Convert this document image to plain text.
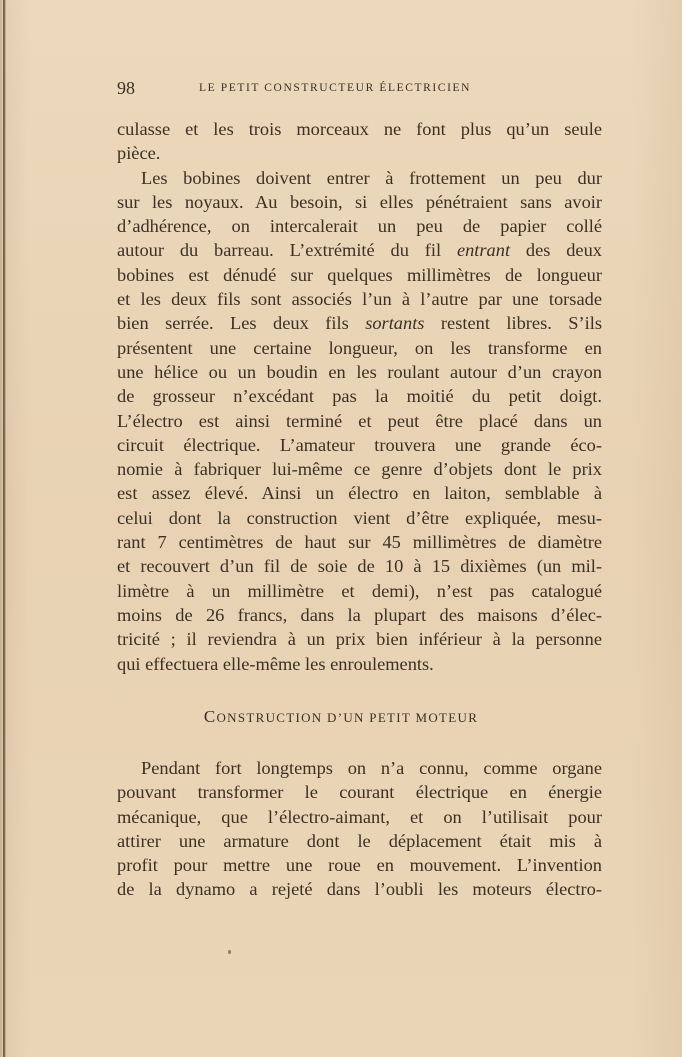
98	LE PETIT CONSTRUCTEUR ÉLECTRICIEN
culasse et les trois morceaux ne font plus qu’un seule
pièce.
Les bobines doivent entrer à frottement un peu dur
sur les noyaux. Au besoin, si elles pénétraient sans avoir
d’adhérence, on intercalerait un peu de papier collé
autour du barreau. L’extrémité du fil entrant des deux
bobines est dénudé sur quelques millimètres de longueur
et les deux fils sont associés l’un à l’autre par une torsade
bien serrée. Les deux fils sortants restent libres. S’ils
présentent une certaine longueur, on les transforme en
une hélice ou un boudin en les roulant autour d’un crayon
de grosseur n’excédant pas la moitié du petit doigt.
L’électro est ainsi terminé et peut être placé dans un
circuit électrique. L’amateur trouvera une grande éco-
nomie à fabriquer lui-même ce genre d’objets dont le prix
est assez élevé. Ainsi un électro en laiton, semblable à
celui dont la construction vient d’être expliquée, mesu-
rant 7 centimètres de haut sur 45 millimètres de diamètre
et recouvert d’un fil de soie de 10 à 15 dixièmes (un mil-
limètre à un millimètre et demi), n’est pas catalogué
moins de 26 francs, dans la plupart des maisons d’élec-
tricité ; il reviendra à un prix bien inférieur à la personne
qui effectuera elle-même les enroulements.
CONSTRUCTION D’UN PETIT MOTEUR
Pendant fort longtemps on n’a connu, comme organe
pouvant transformer le courant électrique en énergie
mécanique, que l’électro-aimant, et on l’utilisait pour
attirer une armature dont le déplacement était mis à
profit pour mettre une roue en mouvement. L’invention
de la dynamo a rejeté dans l’oubli les moteurs électro-
